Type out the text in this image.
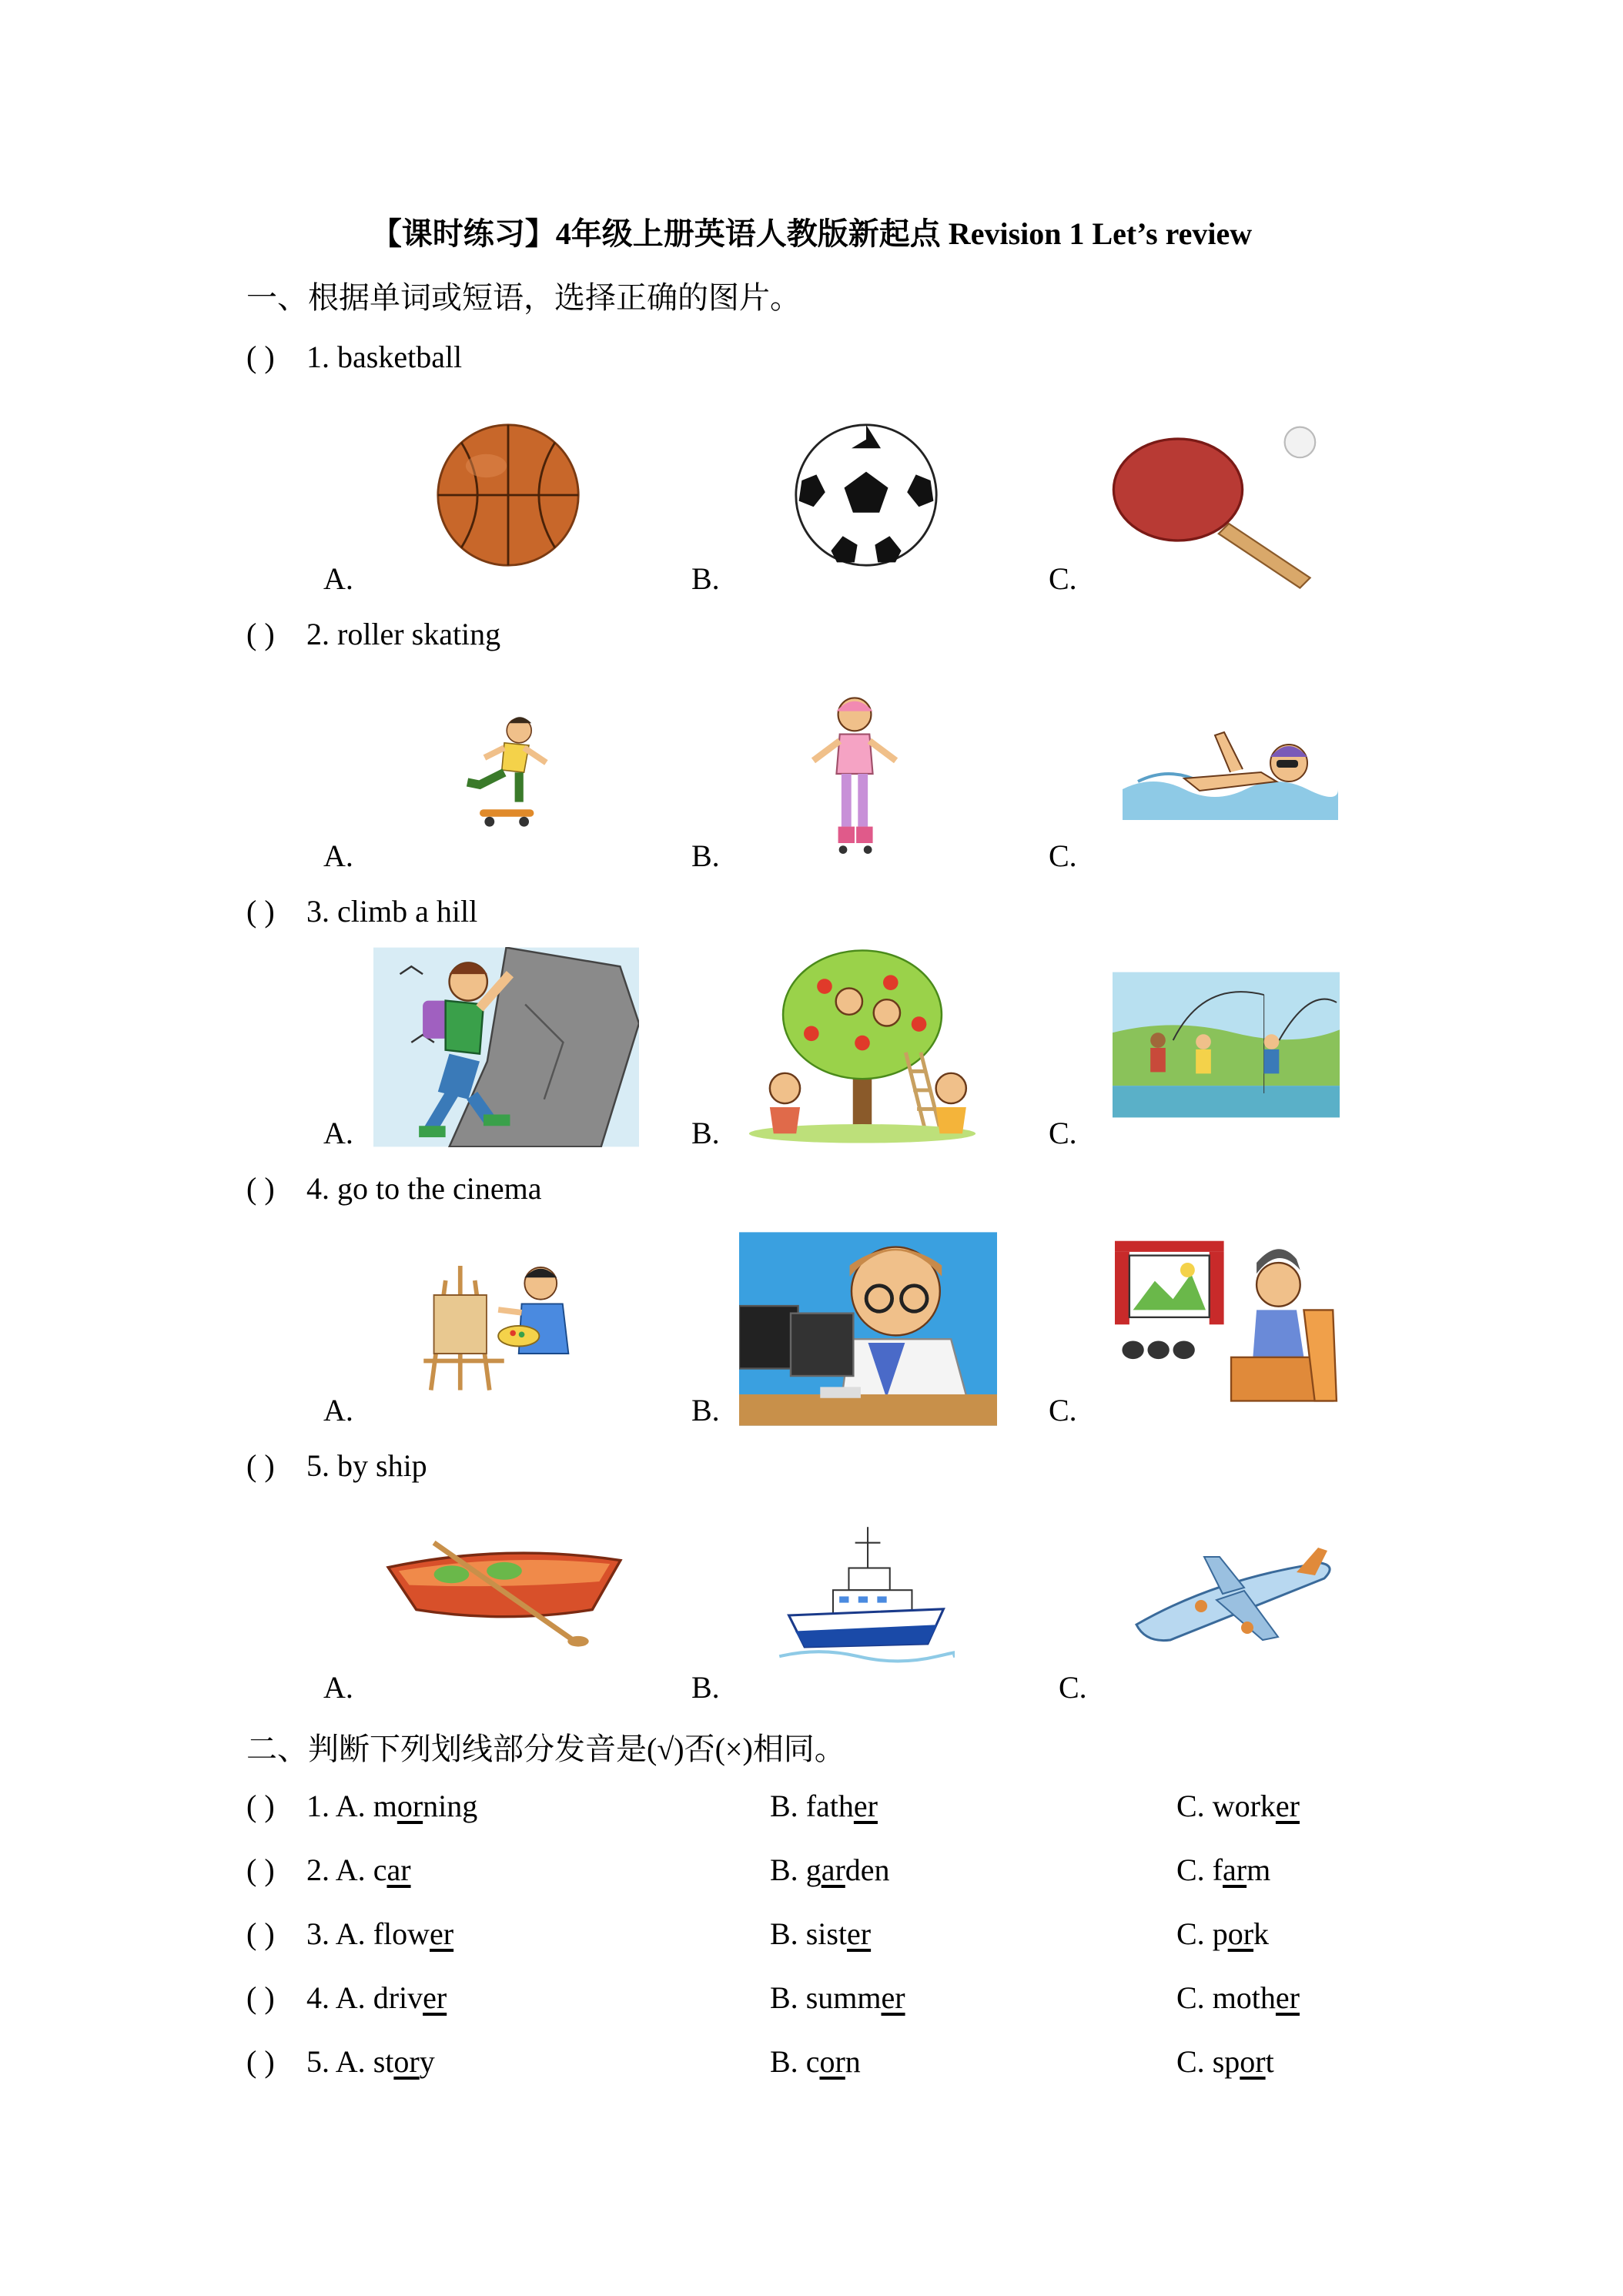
【课时练习】4年级上册英语人教版新起点 Revision 1 Let’s review
一、根据单词或短语，选择正确的图片。
( ) 1. basketball
A.	B.	C.
( ) 2. roller skating
A.	B.	C.
( ) 3. climb a hill
A.	B.	C.
( ) 4. go to the cinema
A.	B.	C.
( ) 5. by ship
A.	B.	C.
二、判断下列划线部分发音是(√)否(×)相同。
( ) 1. A. morning	B. father	C. worker
( ) 2. A. car	B. garden	C. farm
( ) 3. A. flower	B. sister	C. pork
( ) 4. A. driver	B. summer	C. mother
( ) 5. A. story	B. corn	C. sport
